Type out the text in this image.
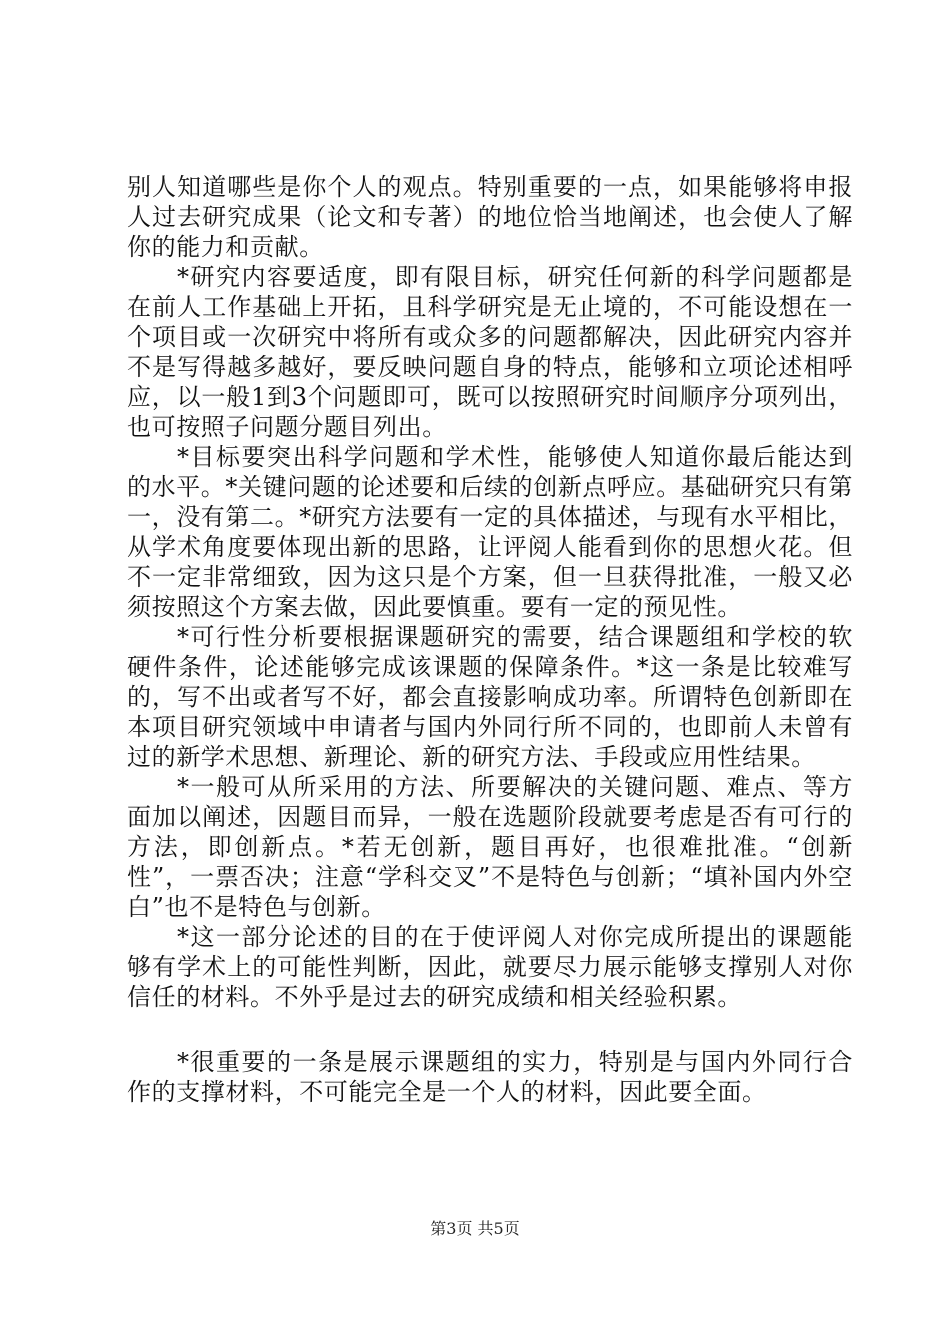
别人知道哪些是你个人的观点。特别重要的一点，如果能够将申报人过去研究成果（论文和专著）的地位恰当地阐述，也会使人了解你的能力和贡献。

*研究内容要适度，即有限目标，研究任何新的科学问题都是在前人工作基础上开拓，且科学研究是无止境的，不可能设想在一个项目或一次研究中将所有或众多的问题都解决，因此研究内容并不是写得越多越好，要反映问题自身的特点，能够和立项论述相呼应，以一般1到3个问题即可，既可以按照研究时间顺序分项列出，也可按照子问题分题目列出。

*目标要突出科学问题和学术性，能够使人知道你最后能达到的水平。*关键问题的论述要和后续的创新点呼应。基础研究只有第一，没有第二。*研究方法要有一定的具体描述，与现有水平相比，从学术角度要体现出新的思路，让评阅人能看到你的思想火花。但不一定非常细致，因为这只是个方案，但一旦获得批准，一般又必须按照这个方案去做，因此要慎重。要有一定的预见性。

*可行性分析要根据课题研究的需要，结合课题组和学校的软硬件条件，论述能够完成该课题的保障条件。*这一条是比较难写的，写不出或者写不好，都会直接影响成功率。所谓特色创新即在本项目研究领域中申请者与国内外同行所不同的，也即前人未曾有过的新学术思想、新理论、新的研究方法、手段或应用性结果。

*一般可从所采用的方法、所要解决的关键问题、难点、等方面加以阐述，因题目而异，一般在选题阶段就要考虑是否有可行的方法，即创新点。*若无创新，题目再好，也很难批准。“创新性”，一票否决；注意“学科交叉”不是特色与创新；“填补国内外空白”也不是特色与创新。

*这一部分论述的目的在于使评阅人对你完成所提出的课题能够有学术上的可能性判断，因此，就要尽力展示能够支撑别人对你信任的材料。不外乎是过去的研究成绩和相关经验积累。

*很重要的一条是展示课题组的实力，特别是与国内外同行合作的支撑材料，不可能完全是一个人的材料，因此要全面。

第3页 共5页
